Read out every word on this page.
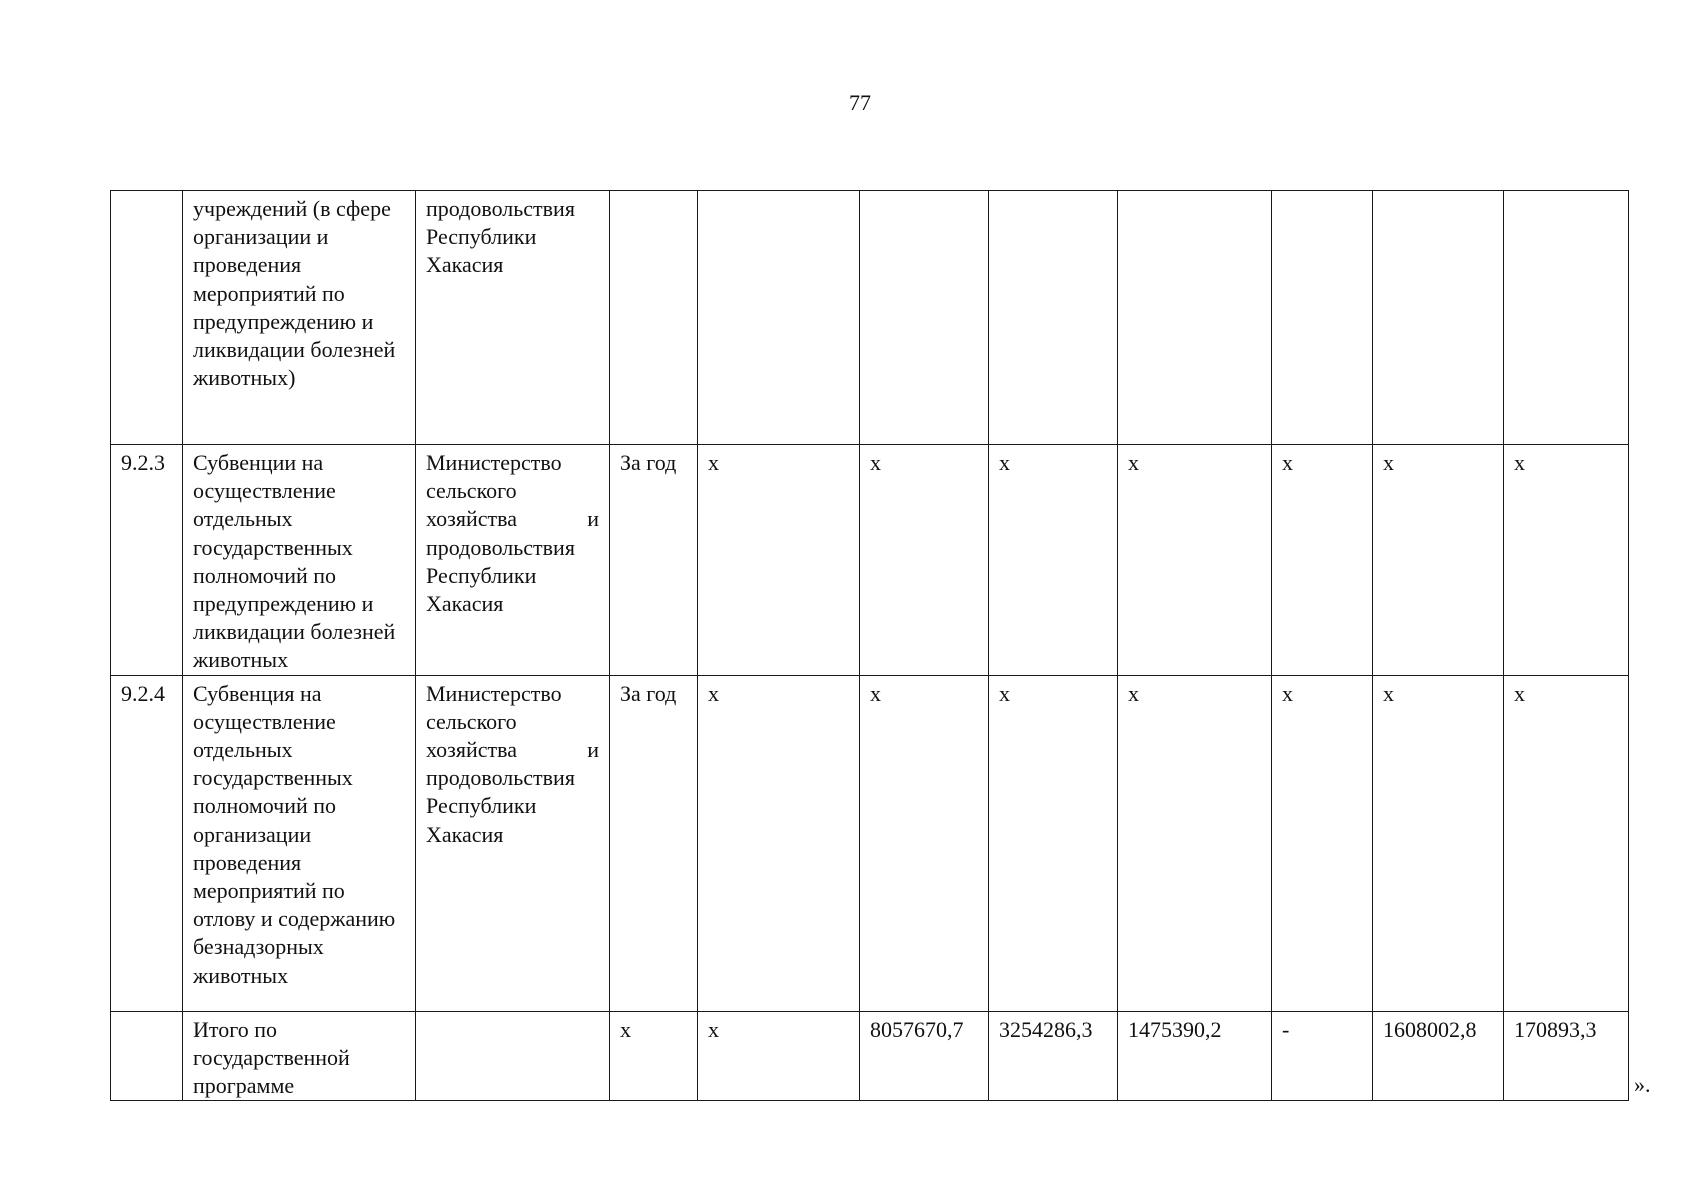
77
	учреждений (в сфере организации и проведения мероприятий по предупреждению и ликвидации болезней животных)	продовольствия Республики Хакасия								
9.2.3	Субвенции на осуществление отдельных государственных полномочий по предупреждению и ликвидации болезней животных	Министерство сельского хозяйства и продовольствия Республики Хакасия	За год	x	x	x	x	x	x	x
9.2.4	Субвенция на осуществление отдельных государственных полномочий по организации проведения мероприятий по отлову и содержанию безнадзорных животных	Министерство сельского хозяйства и продовольствия Республики Хакасия	За год	x	x	x	x	x	x	x
	Итого по государственной программе		x	x	8057670,7	3254286,3	1475390,2	-	1608002,8	170893,3
».
